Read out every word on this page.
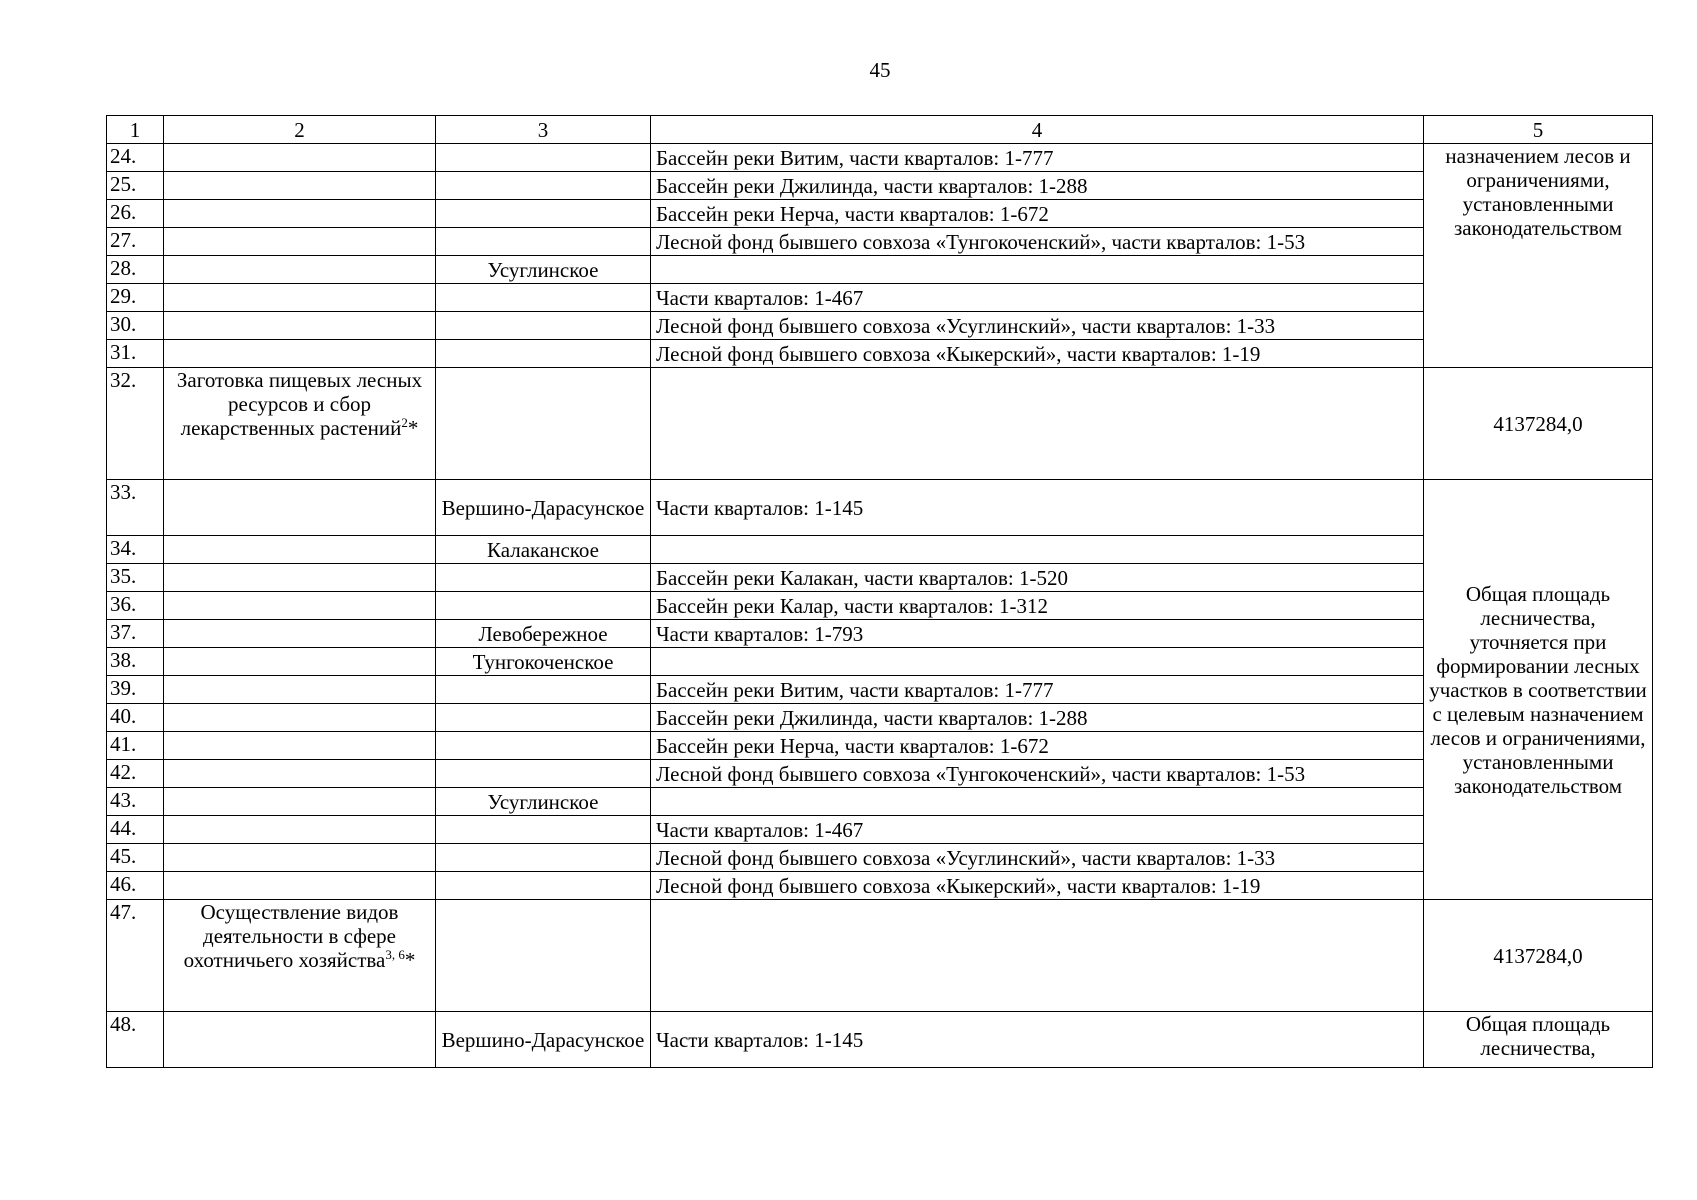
45
1	2	3	4	5
24.			Бассейн реки Витим, части кварталов: 1-777	назначением лесов и ограничениями, установленными законодательством
25.			Бассейн реки Джилинда, части кварталов: 1-288	
26.			Бассейн реки Нерча, части кварталов: 1-672	
27.			Лесной фонд бывшего совхоза «Тунгокоченский», части кварталов: 1-53	
28.		Усуглинское		
29.			Части кварталов: 1-467	
30.			Лесной фонд бывшего совхоза «Усуглинский», части кварталов: 1-33	
31.			Лесной фонд бывшего совхоза «Кыкерский», части кварталов: 1-19	
32.	Заготовка пищевых лесных ресурсов и сбор лекарственных растений$^2$*			4137284,0
33.		Вершино-Дарасунское	Части кварталов: 1-145	Общая площадь лесничества, уточняется при формировании лесных участков в соответствии с целевым назначением лесов и ограничениями, установленными законодательством
34.		Калаканское		
35.			Бассейн реки Калакан, части кварталов: 1-520	
36.			Бассейн реки Калар, части кварталов: 1-312	
37.		Левобережное	Части кварталов: 1-793	
38.		Тунгокоченское		
39.			Бассейн реки Витим, части кварталов: 1-777	
40.			Бассейн реки Джилинда, части кварталов: 1-288	
41.			Бассейн реки Нерча, части кварталов: 1-672	
42.			Лесной фонд бывшего совхоза «Тунгокоченский», части кварталов: 1-53	
43.		Усуглинское		
44.			Части кварталов: 1-467	
45.			Лесной фонд бывшего совхоза «Усуглинский», части кварталов: 1-33	
46.			Лесной фонд бывшего совхоза «Кыкерский», части кварталов: 1-19	
47.	Осуществление видов деятельности в сфере охотничьего хозяйства$^{3, 6}$*			4137284,0
48.		Вершино-Дарасунское	Части кварталов: 1-145	Общая площадь лесничества,
